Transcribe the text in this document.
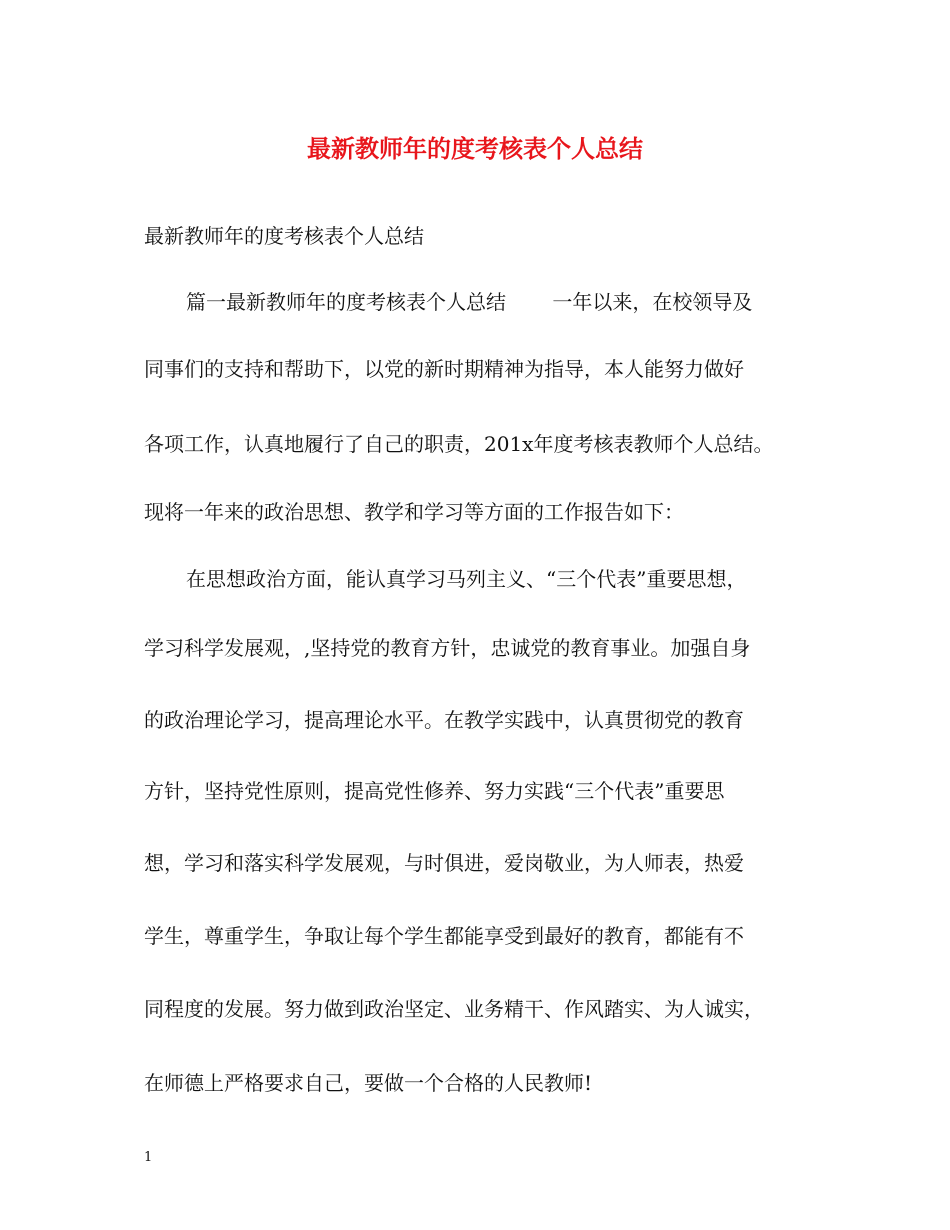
最新教师年的度考核表个人总结

最新教师年的度考核表个人总结

篇一最新教师年的度考核表个人总结　　 一年以来，在校领导及

同事们的支持和帮助下，以党的新时期精神为指导，本人能努力做好

各项工作，认真地履行了自己的职责，201x年度考核表教师个人总结。

现将一年来的政治思想、教学和学习等方面的工作报告如下：

在思想政治方面，能认真学习马列主义、“三个代表”重要思想，

学习科学发展观，,坚持党的教育方针，忠诚党的教育事业。加强自身

的政治理论学习，提高理论水平。在教学实践中，认真贯彻党的教育

方针，坚持党性原则，提高党性修养、努力实践“三个代表”重要思

想，学习和落实科学发展观，与时俱进，爱岗敬业，为人师表，热爱

学生，尊重学生，争取让每个学生都能享受到最好的教育，都能有不

同程度的发展。努力做到政治坚定、业务精干、作风踏实、为人诚实，

在师德上严格要求自己，要做一个合格的人民教师!

1
